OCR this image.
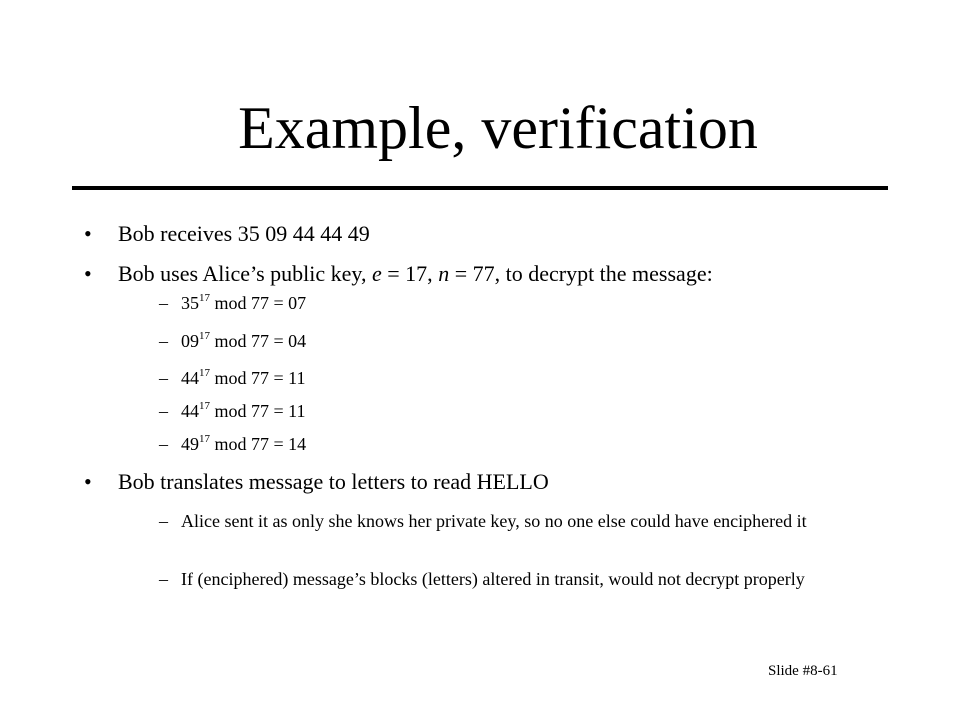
Example, verification
• Bob receives 35 09 44 44 49
• Bob uses Alice’s public key, e = 17, n = 77, to decrypt the message:
– $35^{17}$ mod 77 = 07
– $09^{17}$ mod 77 = 04
– $44^{17}$ mod 77 = 11
– $44^{17}$ mod 77 = 11
– $49^{17}$ mod 77 = 14
• Bob translates message to letters to read HELLO
– Alice sent it as only she knows her private key, so no one else could have enciphered it
– If (enciphered) message’s blocks (letters) altered in transit, would not decrypt properly
Slide #8-61
